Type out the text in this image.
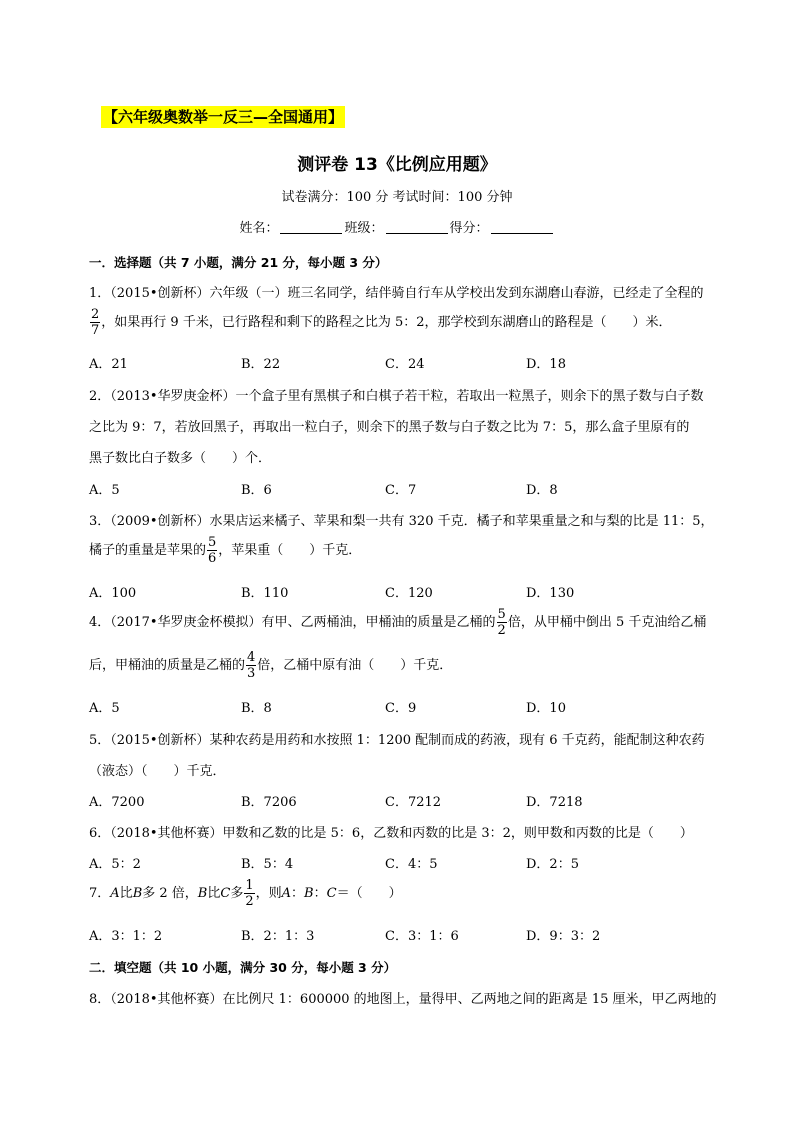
【六年级奥数举一反三—全国通用】
测评卷 13《比例应用题》
试卷满分：100 分 考试时间：100 分钟
姓名：	班级：	得分：
一．选择题（共 7 小题，满分 21 分，每小题 3 分）
1．（2015•创新杯）六年级（一）班三名同学，结伴骑自行车从学校出发到东湖磨山春游，已经走了全程的
$\frac{2}{7}$ ，如果再行 9 千米，已行路程和剩下的路程之比为 5：2，那学校到东湖磨山的路程是（　　）米．
A．21	B．22	C．24	D．18
2．（2013•华罗庚金杯）一个盒子里有黑棋子和白棋子若干粒，若取出一粒黑子，则余下的黑子数与白子数
之比为 9：7，若放回黑子，再取出一粒白子，则余下的黑子数与白子数之比为 7：5，那么盒子里原有的
黑子数比白子数多（　　）个．
A．5	B．6	C．7	D．8
3．（2009•创新杯）水果店运来橘子、苹果和梨一共有 320 千克．橘子和苹果重量之和与梨的比是 11：5，
橘子的重量是苹果的 $\frac{5}{6}$ ，苹果重（　　）千克．
A．100	B．110	C．120	D．130
4．（2017•华罗庚金杯模拟）有甲、乙两桶油，甲桶油的质量是乙桶的 $\frac{5}{2}$ 倍，从甲桶中倒出 5 千克油给乙桶
后，甲桶油的质量是乙桶的 $\frac{4}{3}$ 倍，乙桶中原有油（　　）千克．
A．5	B．8	C．9	D．10
5．（2015•创新杯）某种农药是用药和水按照 1：1200 配制而成的药液，现有 6 千克药，能配制这种农药
（液态）（　　）千克．
A．7200	B．7206	C．7212	D．7218
6．（2018•其他杯赛）甲数和乙数的比是 5：6，乙数和丙数的比是 3：2，则甲数和丙数的比是（　　）
A．5：2	B．5：4	C．4：5	D．2：5
7．A比B多 2 倍，B比C多 $\frac{1}{2}$ ，则A：B：C＝（　　）
A．3：1：2	B．2：1：3	C．3：1：6	D．9：3：2
二．填空题（共 10 小题，满分 30 分，每小题 3 分）
8．（2018•其他杯赛）在比例尺 1：600000 的地图上，量得甲、乙两地之间的距离是 15 厘米，甲乙两地的
